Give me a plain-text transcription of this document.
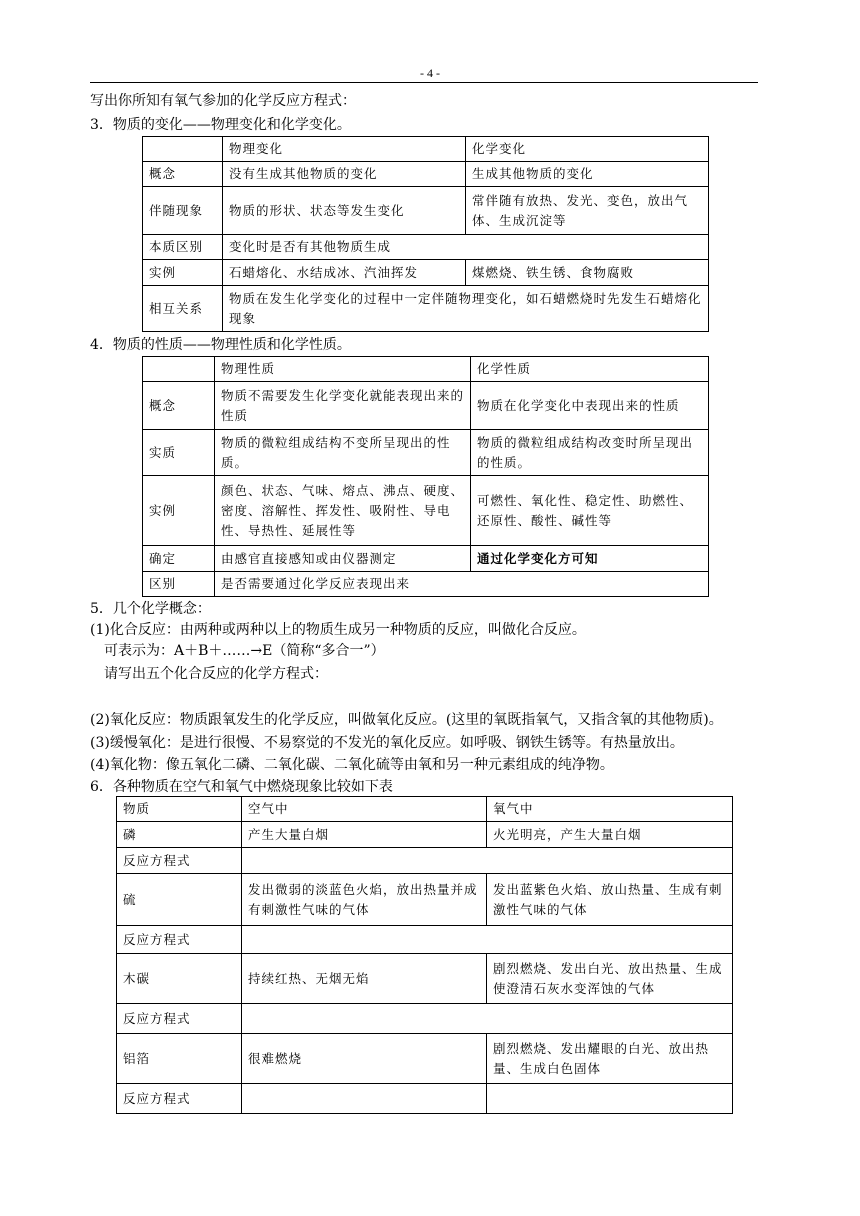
- 4 -
写出你所知有氧气参加的化学反应方程式：
3．物质的变化——物理变化和化学变化。
	物理变化	化学变化
概念	没有生成其他物质的变化	生成其他物质的变化
伴随现象	物质的形状、状态等发生变化	常伴随有放热、发光、变色，放出气体、生成沉淀等
本质区别	变化时是否有其他物质生成	
实例	石蜡熔化、水结成冰、汽油挥发	煤燃烧、铁生锈、食物腐败
相互关系	物质在发生化学变化的过程中一定伴随物理变化，如石蜡燃烧时先发生石蜡熔化现象	
4．物质的性质——物理性质和化学性质。
	物理性质	化学性质
概念	物质不需要发生化学变化就能表现出来的性质	物质在化学变化中表现出来的性质
实质	物质的微粒组成结构不变所呈现出的性质。	物质的微粒组成结构改变时所呈现出的性质。
实例	颜色、状态、气味、熔点、沸点、硬度、密度、溶解性、挥发性、吸附性、导电性、导热性、延展性等	可燃性、氧化性、稳定性、助燃性、还原性、酸性、碱性等
确定	由感官直接感知或由仪器测定	通过化学变化方可知
区别	是否需要通过化学反应表现出来	
5．几个化学概念：
(1)化合反应：由两种或两种以上的物质生成另一种物质的反应，叫做化合反应。
可表示为：A＋B＋……→E（简称“多合一”）
请写出五个化合反应的化学方程式：
(2)氧化反应：物质跟氧发生的化学反应，叫做氧化反应。(这里的氧既指氧气，又指含氧的其他物质)。
(3)缓慢氧化：是进行很慢、不易察觉的不发光的氧化反应。如呼吸、钢铁生锈等。有热量放出。
(4)氧化物：像五氧化二磷、二氧化碳、二氧化硫等由氧和另一种元素组成的纯净物。
6．各种物质在空气和氧气中燃烧现象比较如下表
物质	空气中	氧气中
磷	产生大量白烟	火光明亮，产生大量白烟
反应方程式		
硫	发出微弱的淡蓝色火焰，放出热量并成有刺激性气味的气体	发出蓝紫色火焰、放山热量、生成有刺激性气味的气体
反应方程式		
木碳	持续红热、无烟无焰	剧烈燃烧、发出白光、放出热量、生成使澄清石灰水变浑蚀的气体
反应方程式		
铝箔	很难燃烧	剧烈燃烧、发出耀眼的白光、放出热量、生成白色固体
反应方程式		
